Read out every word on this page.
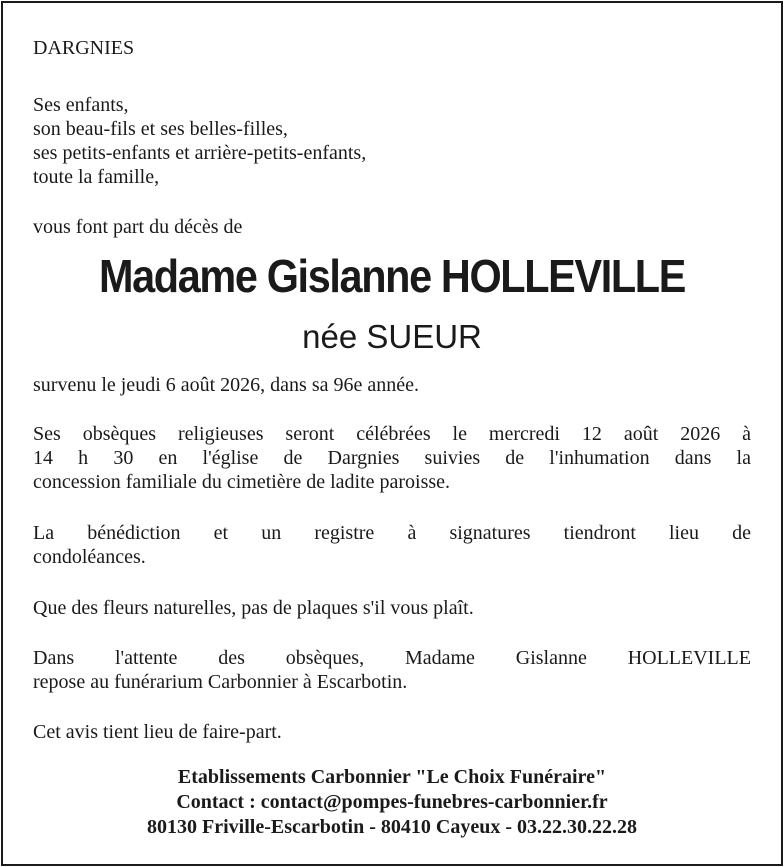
DARGNIES
Ses enfants,
son beau-fils et ses belles-filles,
ses petits-enfants et arrière-petits-enfants,
toute la famille,
vous font part du décès de
Madame Gislanne HOLLEVILLE
née SUEUR
survenu le jeudi 6 août 2026, dans sa 96e année.
Ses obsèques religieuses seront célébrées le mercredi 12 août 2026 à
14 h 30 en l'église de Dargnies suivies de l'inhumation dans la
concession familiale du cimetière de ladite paroisse.
La bénédiction et un registre à signatures tiendront lieu de
condoléances.
Que des fleurs naturelles, pas de plaques s'il vous plaît.
Dans l'attente des obsèques, Madame Gislanne HOLLEVILLE
repose au funérarium Carbonnier à Escarbotin.
Cet avis tient lieu de faire-part.
Etablissements Carbonnier "Le Choix Funéraire"
Contact : contact@pompes-funebres-carbonnier.fr
80130 Friville-Escarbotin - 80410 Cayeux - 03.22.30.22.28
